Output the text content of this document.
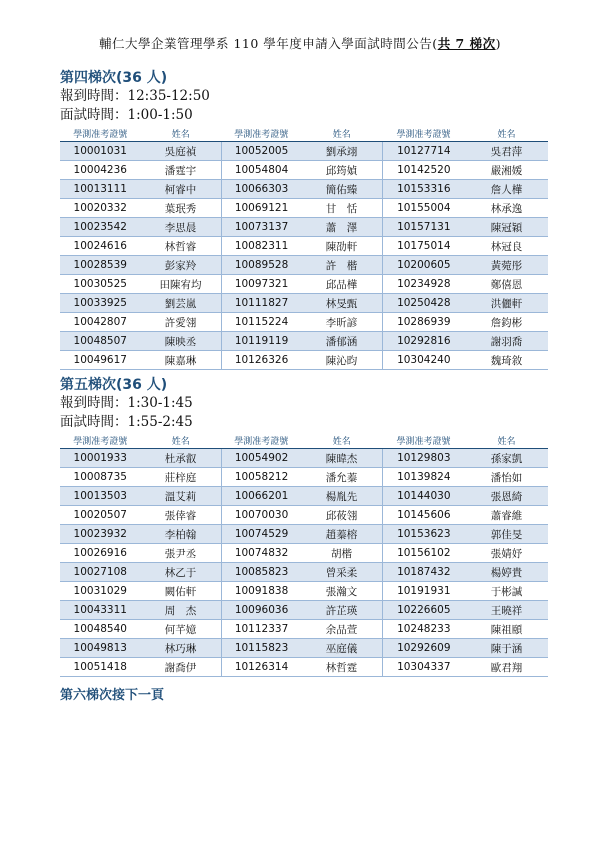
輔仁大學企業管理學系 110 學年度申請入學面試時間公告(共 7 梯次)
第四梯次(36 人)
報到時間：12:35-12:50
面試時間：1:00-1:50
學測准考證號	姓名	學測准考證號	姓名	學測准考證號	姓名
10001031	吳庭禎	10052005	劉承翊	10127714	吳君萍
10004236	潘霆宇	10054804	邱筠媜	10142520	嚴湘媛
10013111	柯睿中	10066303	簡佑臻	10153316	詹人樺
10020332	葉珉秀	10069121	甘　恬	10155004	林承逸
10023542	李思晨	10073137	蕭　澤	10157131	陳冠穎
10024616	林哲睿	10082311	陳劭軒	10175014	林冠良
10028539	彭家羚	10089528	許　楷	10200605	黃菀彤
10030525	田陳宥均	10097321	邱品樺	10234928	鄭僖恩
10033925	劉芸嵐	10111827	林旻甄	10250428	洪儷軒
10042807	許愛翎	10115224	李昕諺	10286939	詹鈞彬
10048507	陳映丞	10119119	潘郁涵	10292816	謝羽喬
10049617	陳嘉琳	10126326	陳沁昀	10304240	魏琦敘
第五梯次(36 人)
報到時間：1:30-1:45
面試時間：1:55-2:45
學測准考證號	姓名	學測准考證號	姓名	學測准考證號	姓名
10001933	杜承叡	10054902	陳暐杰	10129803	孫家凱
10008735	莊梓庭	10058212	潘允蓁	10139824	潘怡如
10013503	溫艾莉	10066201	楊胤先	10144030	張恩綺
10020507	張倖睿	10070030	邱莜翎	10145606	蕭睿維
10023932	李柏翰	10074529	趙蓁榕	10153623	郭佳旻
10026916	張尹丞	10074832	胡楷	10156102	張婧妤
10027108	林乙于	10085823	曾采柔	10187432	楊婷貴
10031029	闕佑軒	10091838	張瀚文	10191931	于彬諴
10043311	周　杰	10096036	許芷瑛	10226605	王曉祥
10048540	何芊嬑	10112337	余品萱	10248233	陳祖頤
10049813	林巧琳	10115823	巫庭儀	10292609	陳于涵
10051418	謝喬伊	10126314	林哲霆	10304337	歐君翔
第六梯次接下一頁
